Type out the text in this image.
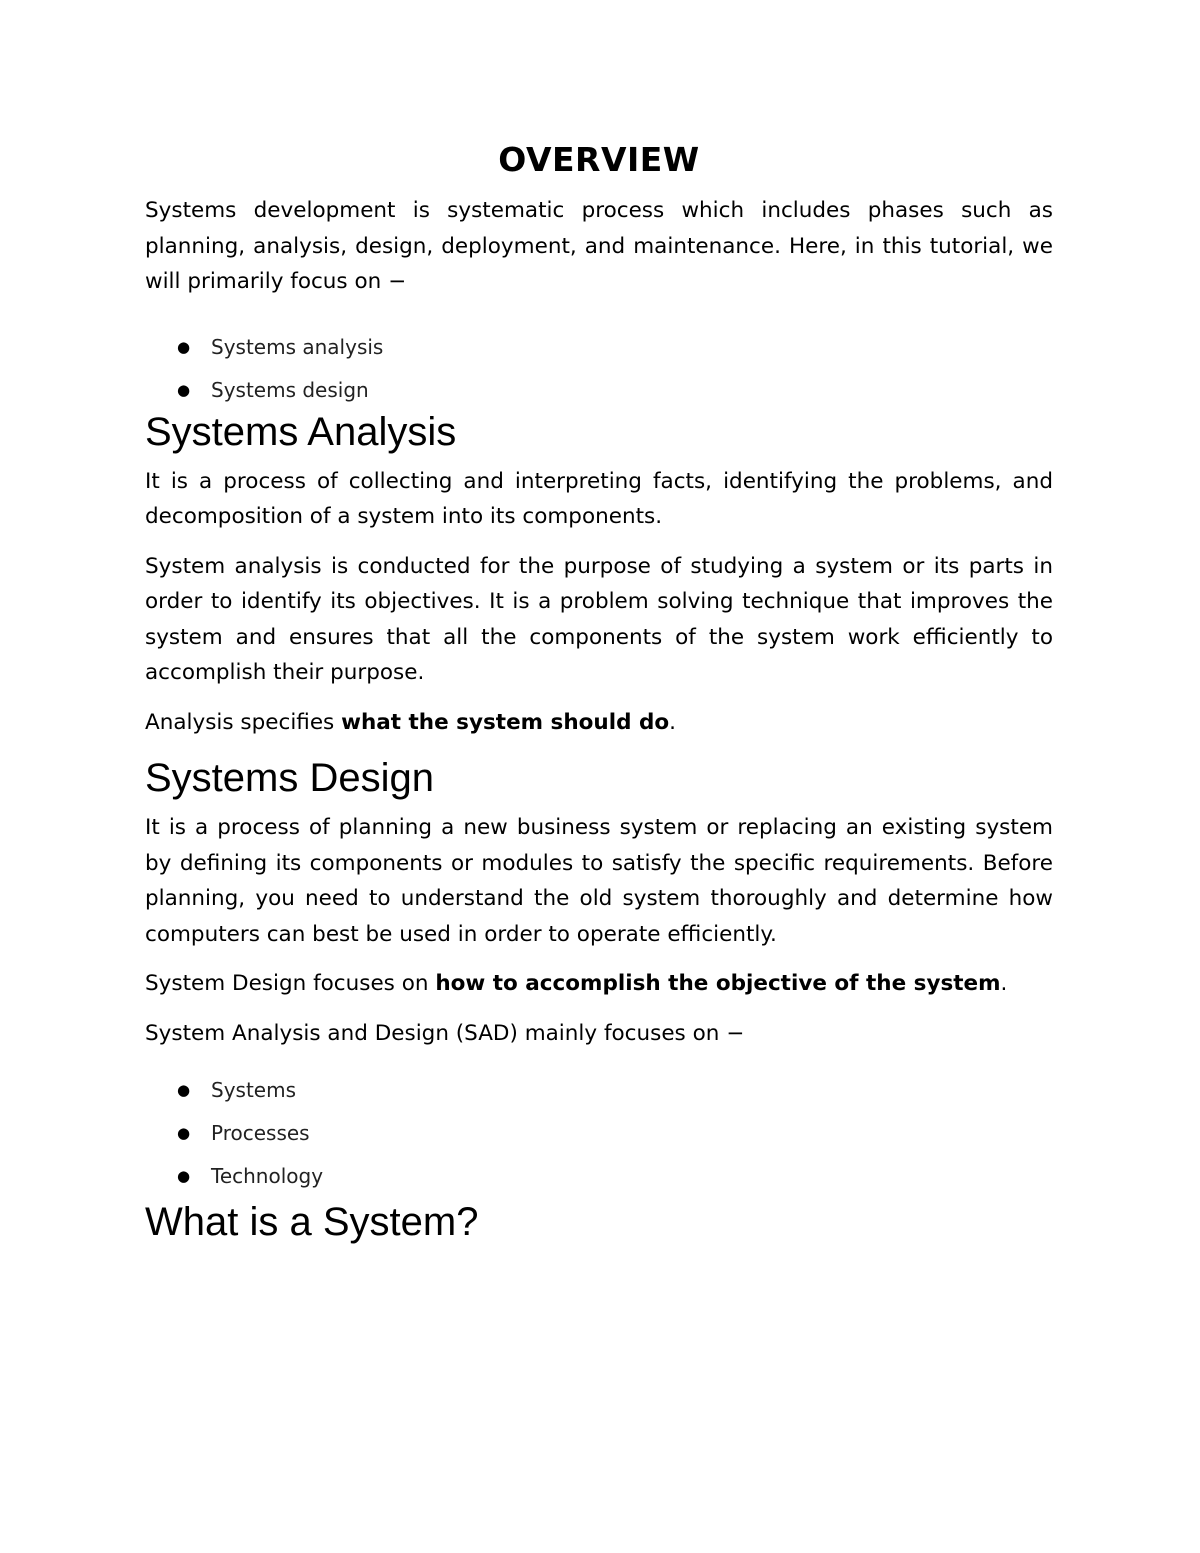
OVERVIEW

Systems development is systematic process which includes phases such as planning, analysis, design, deployment, and maintenance. Here, in this tutorial, we will primarily focus on −

● Systems analysis
● Systems design
Systems Analysis

It is a process of collecting and interpreting facts, identifying the problems, and decomposition of a system into its components.

System analysis is conducted for the purpose of studying a system or its parts in order to identify its objectives. It is a problem solving technique that improves the system and ensures that all the components of the system work efficiently to accomplish their purpose.

Analysis specifies what the system should do.

Systems Design

It is a process of planning a new business system or replacing an existing system by defining its components or modules to satisfy the specific requirements. Before planning, you need to understand the old system thoroughly and determine how computers can best be used in order to operate efficiently.

System Design focuses on how to accomplish the objective of the system.

System Analysis and Design (SAD) mainly focuses on −

● Systems
● Processes
● Technology
What is a System?
